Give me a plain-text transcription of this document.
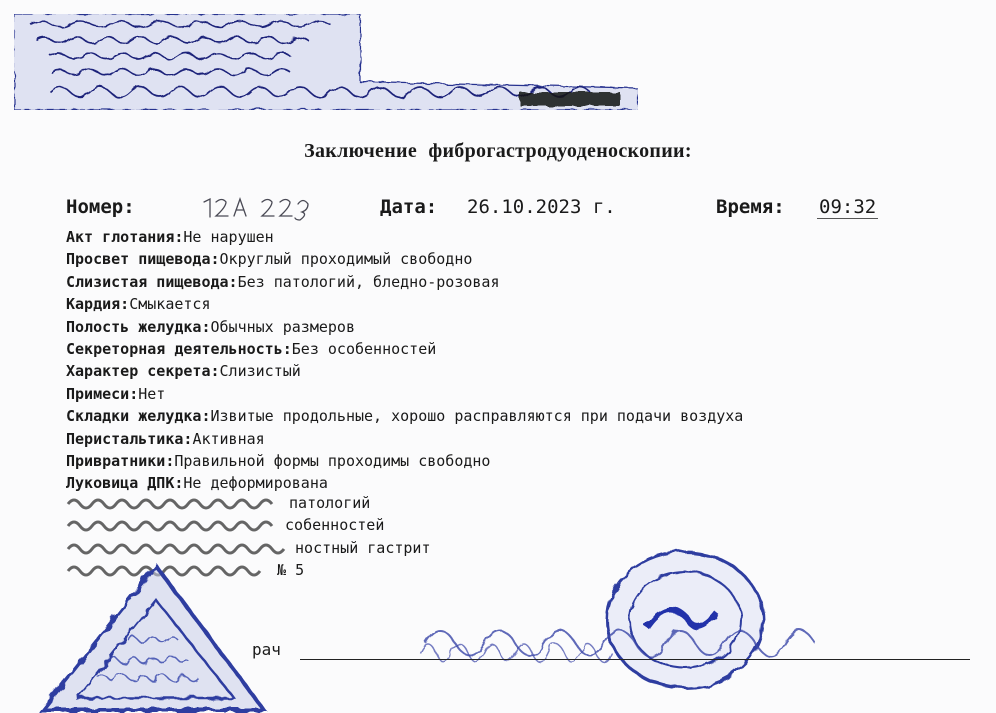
Заключение фиброгастродуоденоскопии:
Номер:	Дата: 26.10.2023 г.	Время: 09:32
Акт глотания:Не нарушен
Просвет пищевода:Округлый проходимый свободно
Слизистая пищевода:Без патологий, бледно-розовая
Кардия:Смыкается
Полость желудка:Обычных размеров
Секреторная деятельность:Без особенностей
Характер секрета:Слизистый
Примеси:Нет
Складки желудка:Извитые продольные, хорошо расправляются при подачи воздуха
Перистальтика:Активная
Привратники:Правильной формы проходимы свободно
Луковица ДПК:Не деформирована
патологий
собенностей
ностный гастрит
№ 5
рач
